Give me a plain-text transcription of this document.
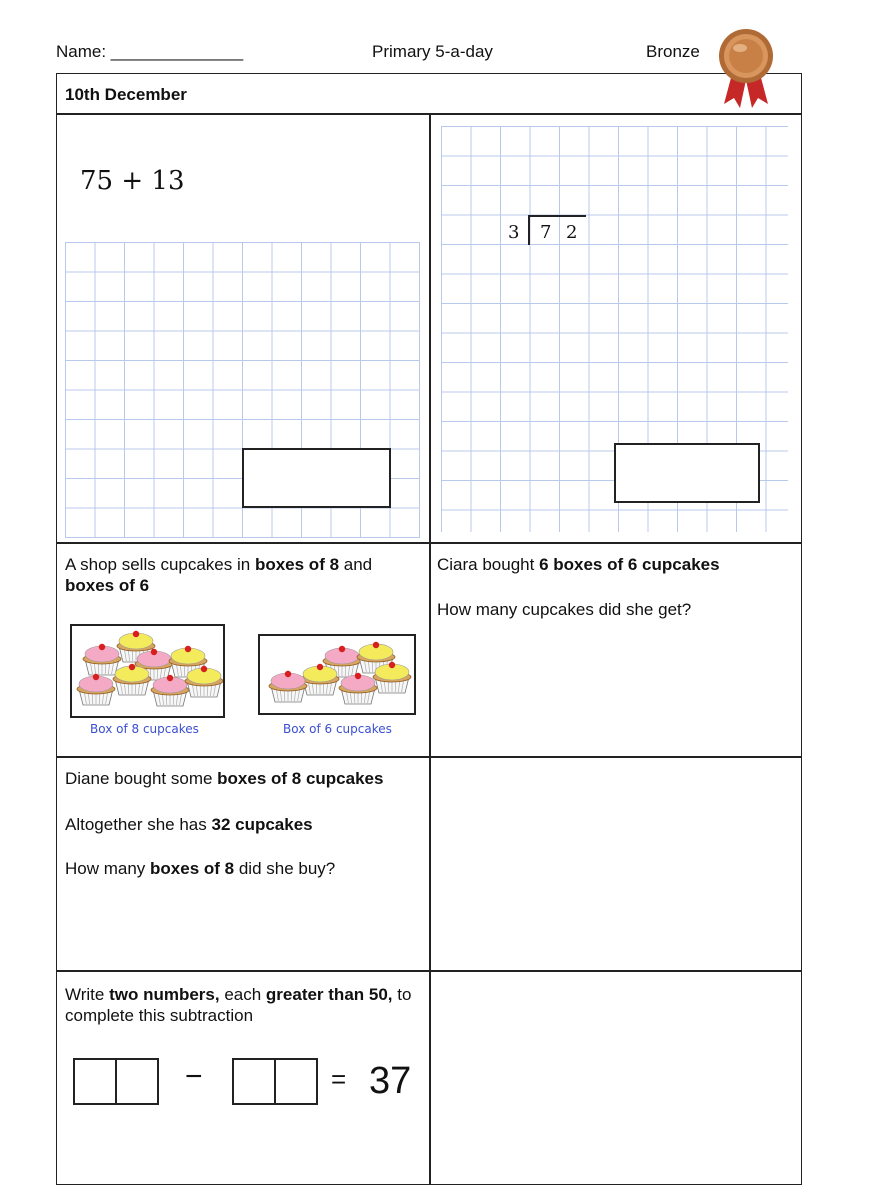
Name: ______________	Primary 5-a-day	Bronze
10th December
75 + 13
3 7 2
A shop sells cupcakes in boxes of 8 and boxes of 6
Box of 8 cupcakes	Box of 6 cupcakes
Ciara bought 6 boxes of 6 cupcakes
How many cupcakes did she get?
Diane bought some boxes of 8 cupcakes
Altogether she has 32 cupcakes
How many boxes of 8 did she buy?
Write two numbers, each greater than 50, to complete this subtraction
−	= 37
